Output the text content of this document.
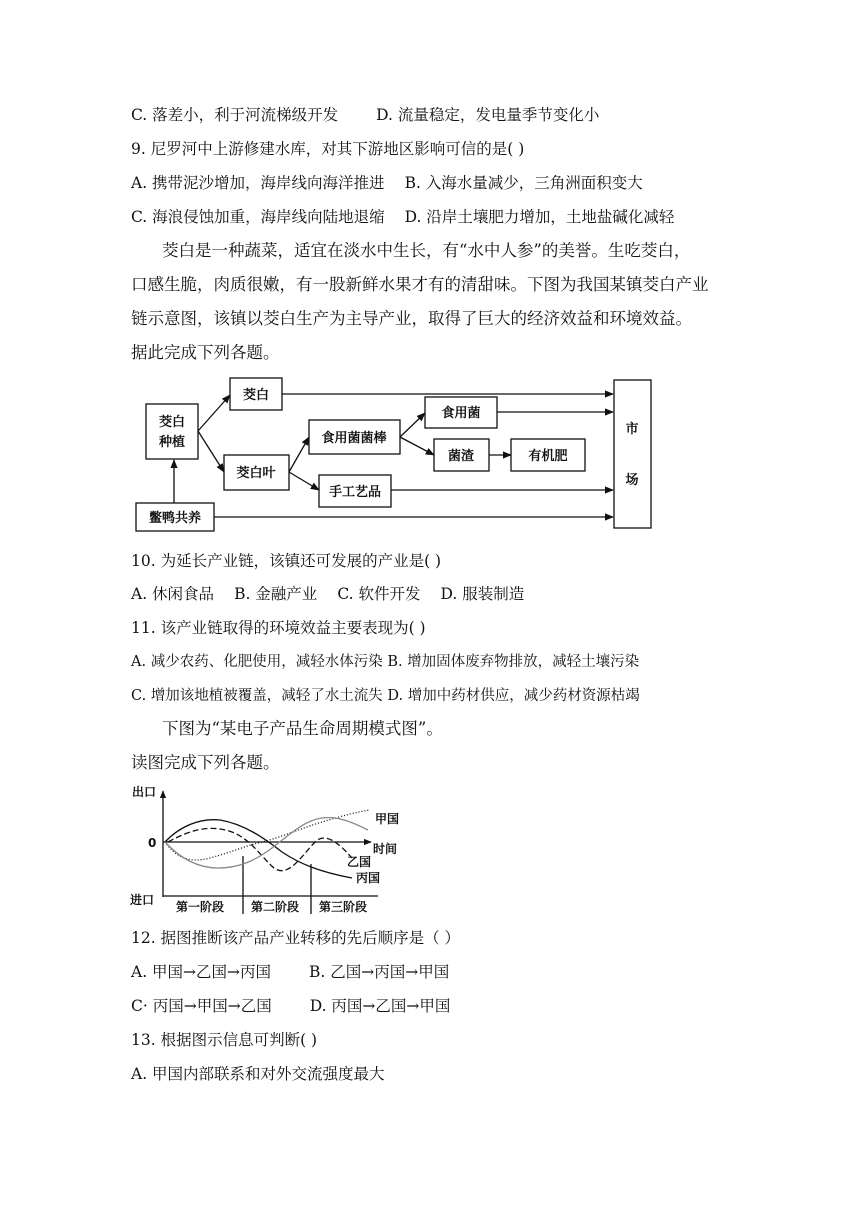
C. 落差小，利于河流梯级开发 D. 流量稳定，发电量季节变化小
9. 尼罗河中上游修建水库，对其下游地区影响可信的是( )
A. 携带泥沙增加，海岸线向海洋推进 B. 入海水量减少，三角洲面积变大
C. 海浪侵蚀加重，海岸线向陆地退缩 D. 沿岸土壤肥力增加，土地盐碱化减轻
茭白是一种蔬菜，适宜在淡水中生长，有“水中人参”的美誉。生吃茭白，
口感生脆，肉质很嫩，有一股新鲜水果才有的清甜味。下图为我国某镇茭白产业
链示意图，该镇以茭白生产为主导产业，取得了巨大的经济效益和环境效益。
据此完成下列各题。
茭白
种植
茭白
茭白叶
食用菌菌棒
食用菌
菌渣	有机肥
手工艺品
鳖鸭共养
市
场
10. 为延长产业链，该镇还可发展的产业是( )
A. 休闲食品 B. 金融产业 C. 软件开发 D. 服装制造
11. 该产业链取得的环境效益主要表现为( )
A. 减少农药、化肥使用，减轻水体污染 B. 增加固体废弃物排放，减轻土壤污染
C. 增加该地植被覆盖，减轻了水土流失 D. 增加中药材供应，减少药材资源枯竭
下图为“某电子产品生命周期模式图”。
读图完成下列各题。
出口
0
进口
时间
甲国
乙国
丙国
第一阶段 第二阶段 第三阶段
12. 据图推断该产品产业转移的先后顺序是（ ）
A. 甲国→乙国→丙国 B. 乙国→丙国→甲国
C· 丙国→甲国→乙国 D. 丙国→乙国→甲国
13. 根据图示信息可判断( )
A. 甲国内部联系和对外交流强度最大
